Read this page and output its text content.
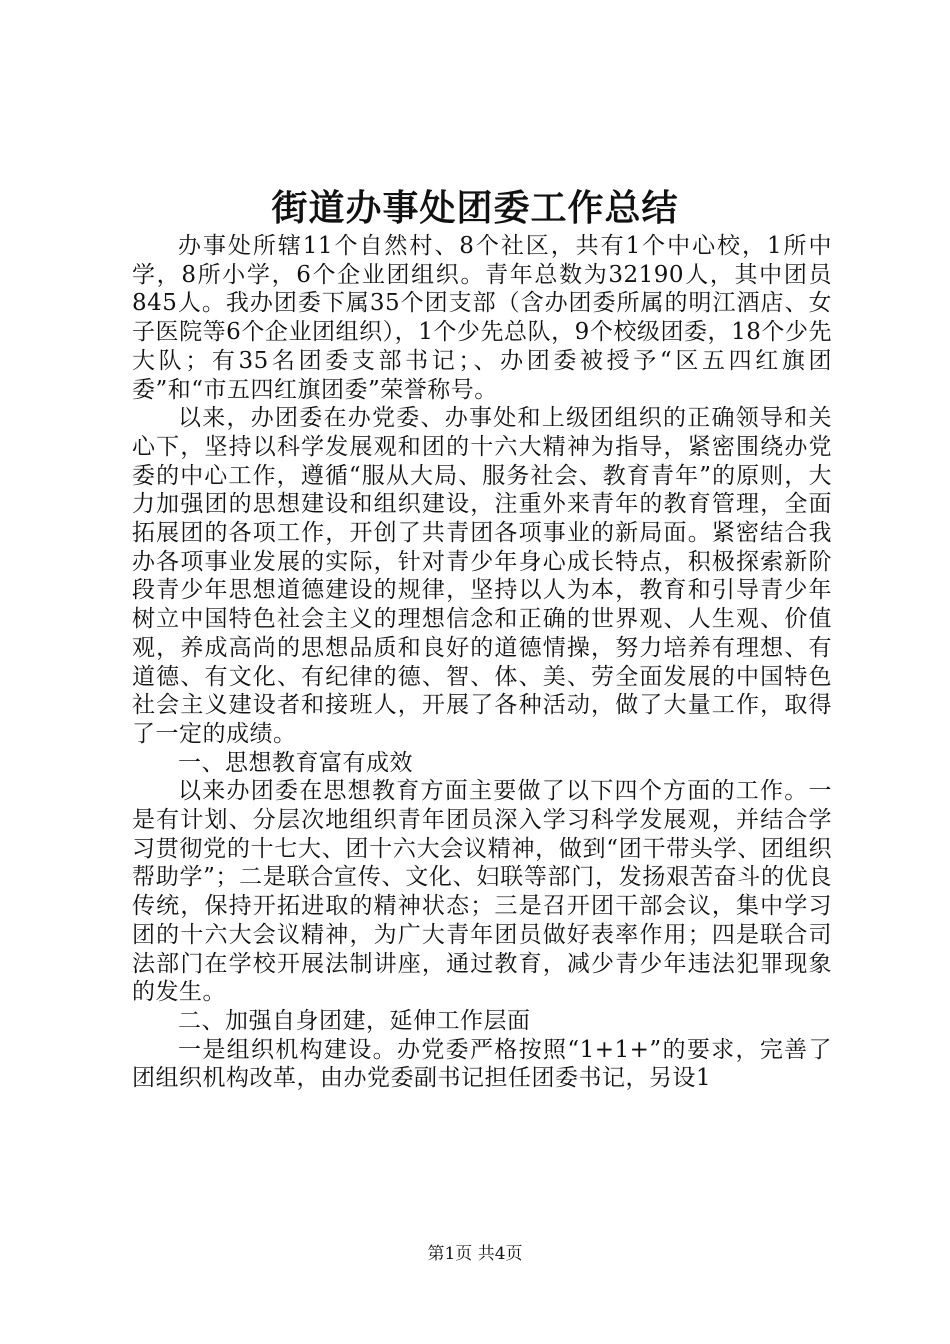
街道办事处团委工作总结

办事处所辖11个自然村、8个社区，共有1个中心校，1所中学，8所小学，6个企业团组织。青年总数为32190人，其中团员845人。我办团委下属35个团支部（含办团委所属的明江酒店、女子医院等6个企业团组织），1个少先总队，9个校级团委，18个少先大队；有35名团委支部书记；、办团委被授予“区五四红旗团委”和“市五四红旗团委”荣誉称号。

以来，办团委在办党委、办事处和上级团组织的正确领导和关心下，坚持以科学发展观和团的十六大精神为指导，紧密围绕办党委的中心工作，遵循“服从大局、服务社会、教育青年”的原则，大力加强团的思想建设和组织建设，注重外来青年的教育管理，全面拓展团的各项工作，开创了共青团各项事业的新局面。紧密结合我办各项事业发展的实际，针对青少年身心成长特点，积极探索新阶段青少年思想道德建设的规律，坚持以人为本，教育和引导青少年树立中国特色社会主义的理想信念和正确的世界观、人生观、价值观，养成高尚的思想品质和良好的道德情操，努力培养有理想、有道德、有文化、有纪律的德、智、体、美、劳全面发展的中国特色社会主义建设者和接班人，开展了各种活动，做了大量工作，取得了一定的成绩。

一、思想教育富有成效

以来办团委在思想教育方面主要做了以下四个方面的工作。一是有计划、分层次地组织青年团员深入学习科学发展观，并结合学习贯彻党的十七大、团十六大会议精神，做到“团干带头学、团组织帮助学”；二是联合宣传、文化、妇联等部门，发扬艰苦奋斗的优良传统，保持开拓进取的精神状态；三是召开团干部会议，集中学习团的十六大会议精神，为广大青年团员做好表率作用；四是联合司法部门在学校开展法制讲座，通过教育，减少青少年违法犯罪现象的发生。

二、加强自身团建，延伸工作层面

一是组织机构建设。办党委严格按照“1+1+”的要求，完善了团组织机构改革，由办党委副书记担任团委书记，另设1

第1页 共4页
